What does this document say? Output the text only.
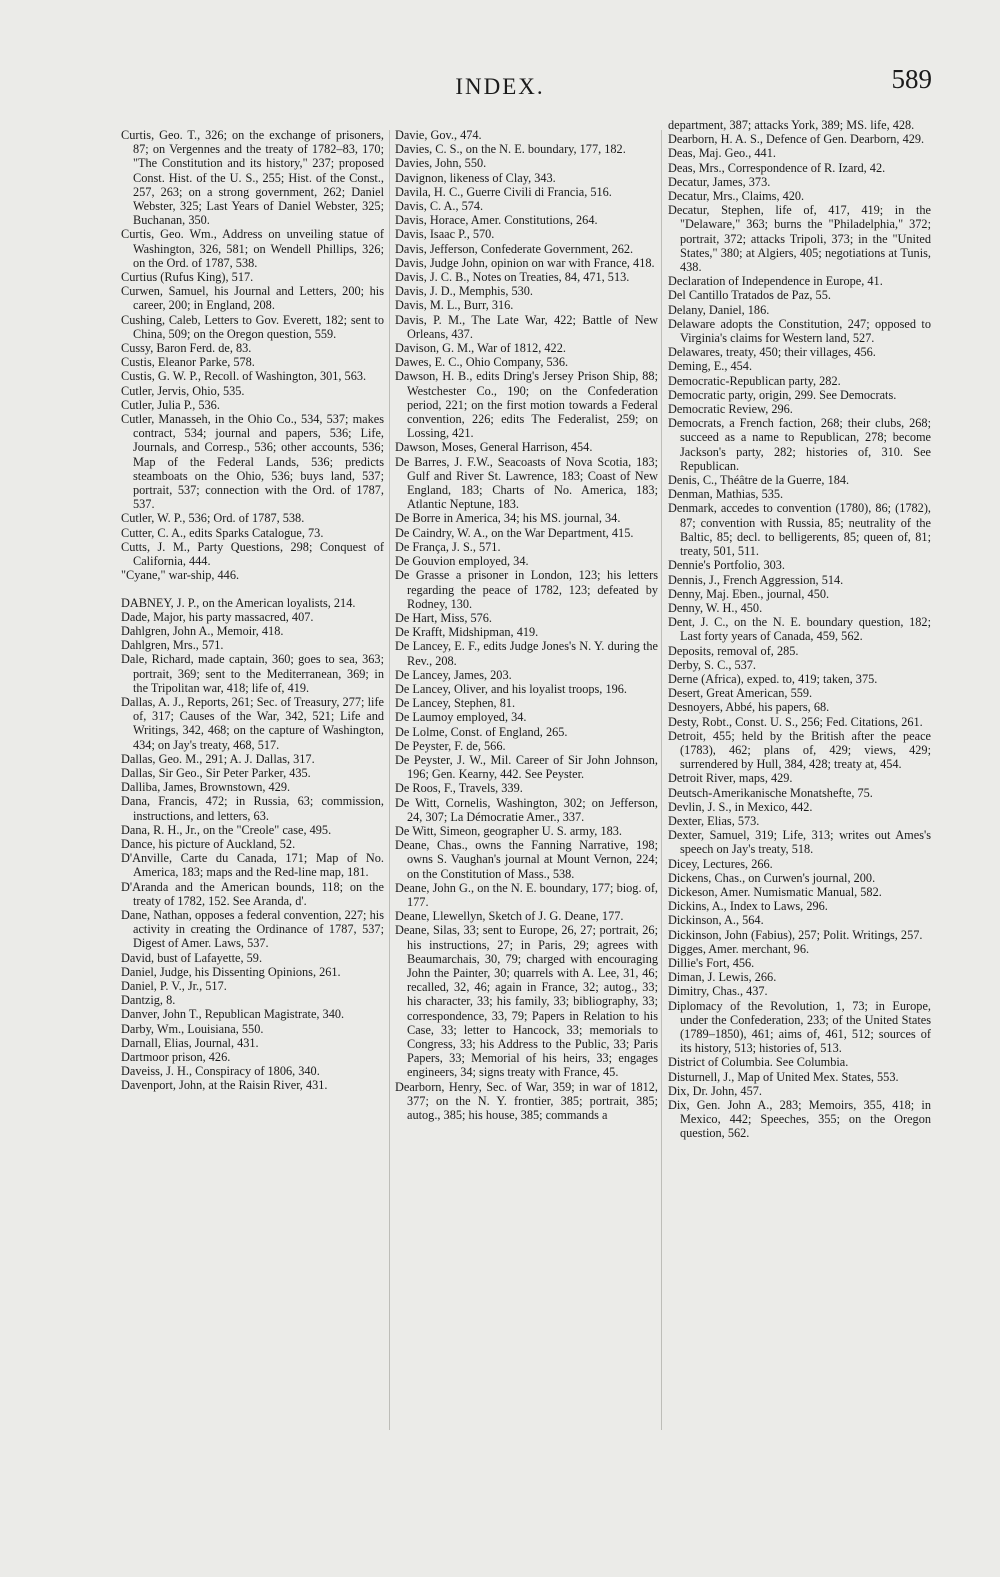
INDEX.	589

Curtis, Geo. T., 326; on the exchange of prisoners, 87; on Vergennes and the treaty of 1782–83, 170; "The Constitution and its history," 237; proposed Const. Hist. of the U. S., 255; Hist. of the Const., 257, 263; on a strong government, 262; Daniel Webster, 325; Last Years of Daniel Webster, 325; Buchanan, 350.

Curtis, Geo. Wm., Address on unveiling statue of Washington, 326, 581; on Wendell Phillips, 326; on the Ord. of 1787, 538.

Curtius (Rufus King), 517.

Curwen, Samuel, his Journal and Letters, 200; his career, 200; in England, 208.

Cushing, Caleb, Letters to Gov. Everett, 182; sent to China, 509; on the Oregon question, 559.

Cussy, Baron Ferd. de, 83.

Custis, Eleanor Parke, 578.

Custis, G. W. P., Recoll. of Washington, 301, 563.

Cutler, Jervis, Ohio, 535.

Cutler, Julia P., 536.

Cutler, Manasseh, in the Ohio Co., 534, 537; makes contract, 534; journal and papers, 536; Life, Journals, and Corresp., 536; other accounts, 536; Map of the Federal Lands, 536; predicts steamboats on the Ohio, 536; buys land, 537; portrait, 537; connection with the Ord. of 1787, 537.

Cutler, W. P., 536; Ord. of 1787, 538.

Cutter, C. A., edits Sparks Catalogue, 73.

Cutts, J. M., Party Questions, 298; Conquest of California, 444.

"Cyane," war-ship, 446.

DABNEY, J. P., on the American loyalists, 214.

Dade, Major, his party massacred, 407.

Dahlgren, John A., Memoir, 418.

Dahlgren, Mrs., 571.

Dale, Richard, made captain, 360; goes to sea, 363; portrait, 369; sent to the Mediterranean, 369; in the Tripolitan war, 418; life of, 419.

Dallas, A. J., Reports, 261; Sec. of Treasury, 277; life of, 317; Causes of the War, 342, 521; Life and Writings, 342, 468; on the capture of Washington, 434; on Jay's treaty, 468, 517.

Dallas, Geo. M., 291; A. J. Dallas, 317.

Dallas, Sir Geo., Sir Peter Parker, 435.

Dalliba, James, Brownstown, 429.

Dana, Francis, 472; in Russia, 63; commission, instructions, and letters, 63.

Dana, R. H., Jr., on the "Creole" case, 495.

Dance, his picture of Auckland, 52.

D'Anville, Carte du Canada, 171; Map of No. America, 183; maps and the Red-line map, 181.

D'Aranda and the American bounds, 118; on the treaty of 1782, 152. See Aranda, d'.

Dane, Nathan, opposes a federal convention, 227; his activity in creating the Ordinance of 1787, 537; Digest of Amer. Laws, 537.

David, bust of Lafayette, 59.

Daniel, Judge, his Dissenting Opinions, 261.

Daniel, P. V., Jr., 517.

Dantzig, 8.

Danver, John T., Republican Magistrate, 340.

Darby, Wm., Louisiana, 550.

Darnall, Elias, Journal, 431.

Dartmoor prison, 426.

Daveiss, J. H., Conspiracy of 1806, 340.

Davenport, John, at the Raisin River, 431.

Davie, Gov., 474.

Davies, C. S., on the N. E. boundary, 177, 182.

Davies, John, 550.

Davignon, likeness of Clay, 343.

Davila, H. C., Guerre Civili di Francia, 516.

Davis, C. A., 574.

Davis, Horace, Amer. Constitutions, 264.

Davis, Isaac P., 570.

Davis, Jefferson, Confederate Government, 262.

Davis, Judge John, opinion on war with France, 418.

Davis, J. C. B., Notes on Treaties, 84, 471, 513.

Davis, J. D., Memphis, 530.

Davis, M. L., Burr, 316.

Davis, P. M., The Late War, 422; Battle of New Orleans, 437.

Davison, G. M., War of 1812, 422.

Dawes, E. C., Ohio Company, 536.

Dawson, H. B., edits Dring's Jersey Prison Ship, 88; Westchester Co., 190; on the Confederation period, 221; on the first motion towards a Federal convention, 226; edits The Federalist, 259; on Lossing, 421.

Dawson, Moses, General Harrison, 454.

De Barres, J. F.W., Seacoasts of Nova Scotia, 183; Gulf and River St. Lawrence, 183; Coast of New England, 183; Charts of No. America, 183; Atlantic Neptune, 183.

De Borre in America, 34; his MS. journal, 34.

De Caindry, W. A., on the War Department, 415.

De França, J. S., 571.

De Gouvion employed, 34.

De Grasse a prisoner in London, 123; his letters regarding the peace of 1782, 123; defeated by Rodney, 130.

De Hart, Miss, 576.

De Krafft, Midshipman, 419.

De Lancey, E. F., edits Judge Jones's N. Y. during the Rev., 208.

De Lancey, James, 203.

De Lancey, Oliver, and his loyalist troops, 196.

De Lancey, Stephen, 81.

De Laumoy employed, 34.

De Lolme, Const. of England, 265.

De Peyster, F. de, 566.

De Peyster, J. W., Mil. Career of Sir John Johnson, 196; Gen. Kearny, 442. See Peyster.

De Roos, F., Travels, 339.

De Witt, Cornelis, Washington, 302; on Jefferson, 24, 307; La Démocratie Amer., 337.

De Witt, Simeon, geographer U. S. army, 183.

Deane, Chas., owns the Fanning Narrative, 198; owns S. Vaughan's journal at Mount Vernon, 224; on the Constitution of Mass., 538.

Deane, John G., on the N. E. boundary, 177; biog. of, 177.

Deane, Llewellyn, Sketch of J. G. Deane, 177.

Deane, Silas, 33; sent to Europe, 26, 27; portrait, 26; his instructions, 27; in Paris, 29; agrees with Beaumarchais, 30, 79; charged with encouraging John the Painter, 30; quarrels with A. Lee, 31, 46; recalled, 32, 46; again in France, 32; autog., 33; his character, 33; his family, 33; bibliography, 33; correspondence, 33, 79; Papers in Relation to his Case, 33; letter to Hancock, 33; memorials to Congress, 33; his Address to the Public, 33; Paris Papers, 33; Memorial of his heirs, 33; engages engineers, 34; signs treaty with France, 45.

Dearborn, Henry, Sec. of War, 359; in war of 1812, 377; on the N. Y. frontier, 385; portrait, 385; autog., 385; his house, 385; commands a

department, 387; attacks York, 389; MS. life, 428.

Dearborn, H. A. S., Defence of Gen. Dearborn, 429.

Deas, Maj. Geo., 441.

Deas, Mrs., Correspondence of R. Izard, 42.

Decatur, James, 373.

Decatur, Mrs., Claims, 420.

Decatur, Stephen, life of, 417, 419; in the "Delaware," 363; burns the "Philadelphia," 372; portrait, 372; attacks Tripoli, 373; in the "United States," 380; at Algiers, 405; negotiations at Tunis, 438.

Declaration of Independence in Europe, 41.

Del Cantillo Tratados de Paz, 55.

Delany, Daniel, 186.

Delaware adopts the Constitution, 247; opposed to Virginia's claims for Western land, 527.

Delawares, treaty, 450; their villages, 456.

Deming, E., 454.

Democratic-Republican party, 282.

Democratic party, origin, 299. See Democrats.

Democratic Review, 296.

Democrats, a French faction, 268; their clubs, 268; succeed as a name to Republican, 278; become Jackson's party, 282; histories of, 310. See Republican.

Denis, C., Théâtre de la Guerre, 184.

Denman, Mathias, 535.

Denmark, accedes to convention (1780), 86; (1782), 87; convention with Russia, 85; neutrality of the Baltic, 85; decl. to belligerents, 85; queen of, 81; treaty, 501, 511.

Dennie's Portfolio, 303.

Dennis, J., French Aggression, 514.

Denny, Maj. Eben., journal, 450.

Denny, W. H., 450.

Dent, J. C., on the N. E. boundary question, 182; Last forty years of Canada, 459, 562.

Deposits, removal of, 285.

Derby, S. C., 537.

Derne (Africa), exped. to, 419; taken, 375.

Desert, Great American, 559.

Desnoyers, Abbé, his papers, 68.

Desty, Robt., Const. U. S., 256; Fed. Citations, 261.

Detroit, 455; held by the British after the peace (1783), 462; plans of, 429; views, 429; surrendered by Hull, 384, 428; treaty at, 454.

Detroit River, maps, 429.

Deutsch-Amerikanische Monatshefte, 75.

Devlin, J. S., in Mexico, 442.

Dexter, Elias, 573.

Dexter, Samuel, 319; Life, 313; writes out Ames's speech on Jay's treaty, 518.

Dicey, Lectures, 266.

Dickens, Chas., on Curwen's journal, 200.

Dickeson, Amer. Numismatic Manual, 582.

Dickins, A., Index to Laws, 296.

Dickinson, A., 564.

Dickinson, John (Fabius), 257; Polit. Writings, 257.

Digges, Amer. merchant, 96.

Dillie's Fort, 456.

Diman, J. Lewis, 266.

Dimitry, Chas., 437.

Diplomacy of the Revolution, 1, 73; in Europe, under the Confederation, 233; of the United States (1789–1850), 461; aims of, 461, 512; sources of its history, 513; histories of, 513.

District of Columbia. See Columbia.

Disturnell, J., Map of United Mex. States, 553.

Dix, Dr. John, 457.

Dix, Gen. John A., 283; Memoirs, 355, 418; in Mexico, 442; Speeches, 355; on the Oregon question, 562.
